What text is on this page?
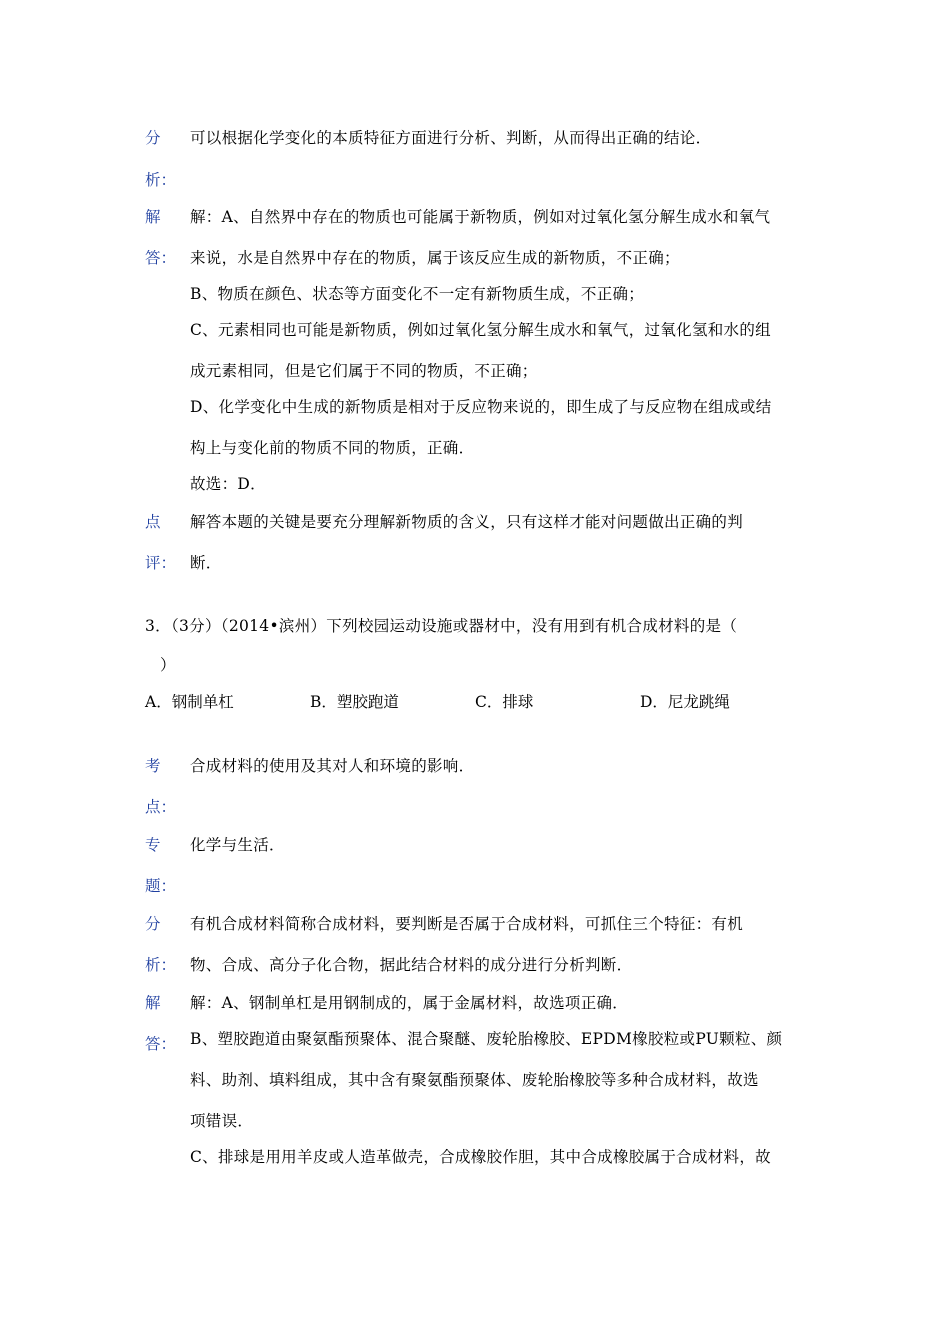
分 可以根据化学变化的本质特征方面进行分析、判断，从而得出正确的结论．
析：
解 解：A、自然界中存在的物质也可能属于新物质，例如对过氧化氢分解生成水和氧气
答： 来说，水是自然界中存在的物质，属于该反应生成的新物质，不正确；
B、物质在颜色、状态等方面变化不一定有新物质生成，不正确；
C、元素相同也可能是新物质，例如过氧化氢分解生成水和氧气，过氧化氢和水的组
成元素相同，但是它们属于不同的物质，不正确；
D、化学变化中生成的新物质是相对于反应物来说的，即生成了与反应物在组成或结
构上与变化前的物质不同的物质，正确．
故选：D．
点 解答本题的关键是要充分理解新物质的含义，只有这样才能对问题做出正确的判
评： 断．
3．（3分）（2014•滨州）下列校园运动设施或器材中，没有用到有机合成材料的是（
）
A．钢制单杠	B．塑胶跑道	C．排球	D．尼龙跳绳
考 合成材料的使用及其对人和环境的影响．
点：
专 化学与生活．
题：
分 有机合成材料简称合成材料，要判断是否属于合成材料，可抓住三个特征：有机
析： 物、合成、高分子化合物，据此结合材料的成分进行分析判断．
解 解：A、钢制单杠是用钢制成的，属于金属材料，故选项正确．
答： B、塑胶跑道由聚氨酯预聚体、混合聚醚、废轮胎橡胶、EPDM橡胶粒或PU颗粒、颜
料、助剂、填料组成，其中含有聚氨酯预聚体、废轮胎橡胶等多种合成材料，故选
项错误．
C、排球是用用羊皮或人造革做壳，合成橡胶作胆，其中合成橡胶属于合成材料，故
